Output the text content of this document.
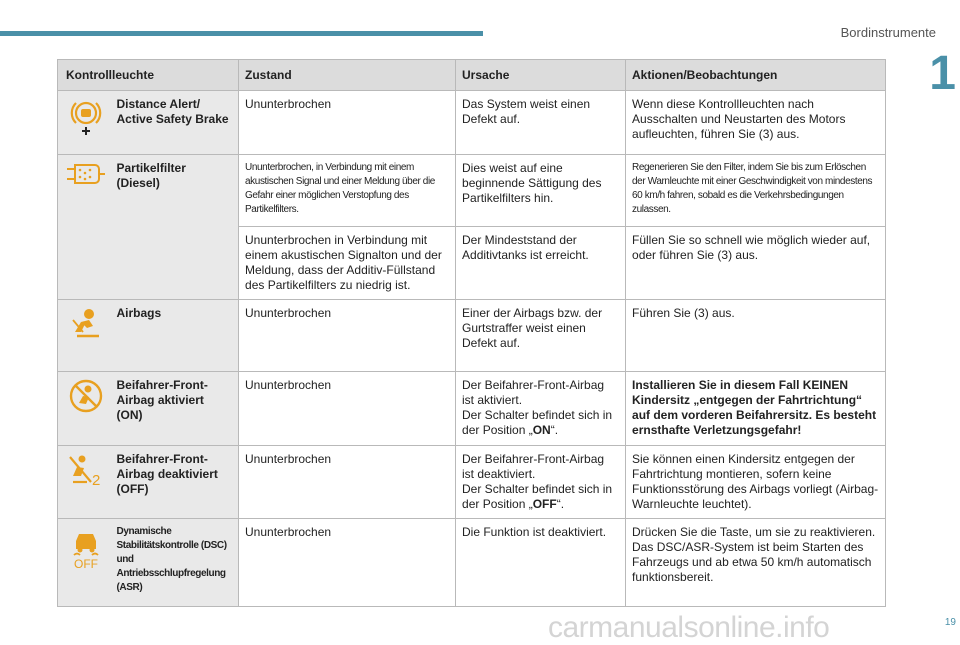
Bordinstrumente
1
19
Kontrollleuchte		Zustand	Ursache	Aktionen/Beobachtungen

	Distance Alert/ Active Safety Brake	Ununterbrochen	Das System weist einen Defekt auf.	Wenn diese Kontrollleuchten nach Ausschalten und Neustarten des Motors aufleuchten, führen Sie (3) aus.

	Partikelfilter (Diesel)	Ununterbrochen, in Verbindung mit einem akustischen Signal und einer Meldung über die Gefahr einer möglichen Verstopfung des Partikelfilters.	Dies weist auf eine beginnende Sättigung des Partikelfilters hin.	Regenerieren Sie den Filter, indem Sie bis zum Erlöschen der Warnleuchte mit einer Geschwindigkeit von mindestens 60 km/h fahren, sobald es die Verkehrsbedingungen zulassen.
		Ununterbrochen in Verbindung mit einem akustischen Signalton und der Meldung, dass der Additiv-Füllstand des Partikelfilters zu niedrig ist.	Der Mindeststand der Additivtanks ist erreicht.	Füllen Sie so schnell wie möglich wieder auf, oder führen Sie (3) aus.

	Airbags	Ununterbrochen	Einer der Airbags bzw. der Gurtstraffer weist einen Defekt auf.	Führen Sie (3) aus.

	Beifahrer-Front-Airbag aktiviert (ON)	Ununterbrochen	Der Beifahrer-Front-Airbag ist aktiviert.
Der Schalter befindet sich in der Position „ON“.	Installieren Sie in diesem Fall KEINEN Kindersitz „entgegen der Fahrtrichtung“ auf dem vorderen Beifahrersitz. Es besteht ernsthafte Verletzungsgefahr!

2	Beifahrer-Front-Airbag deaktiviert (OFF)	Ununterbrochen	Der Beifahrer-Front-Airbag ist deaktiviert.
Der Schalter befindet sich in der Position „OFF“.	Sie können einen Kindersitz entgegen der Fahrtrichtung montieren, sofern keine Funktionsstörung des Airbags vorliegt (Airbag-Warnleuchte leuchtet).

OFF	Dynamische Stabilitätskontrolle (DSC) und Antriebsschlupfregelung (ASR)	Ununterbrochen	Die Funktion ist deaktiviert.	Drücken Sie die Taste, um sie zu reaktivieren.
Das DSC/ASR-System ist beim Starten des Fahrzeugs und ab etwa 50 km/h automatisch funktionsbereit.
carmanualsonline.info
